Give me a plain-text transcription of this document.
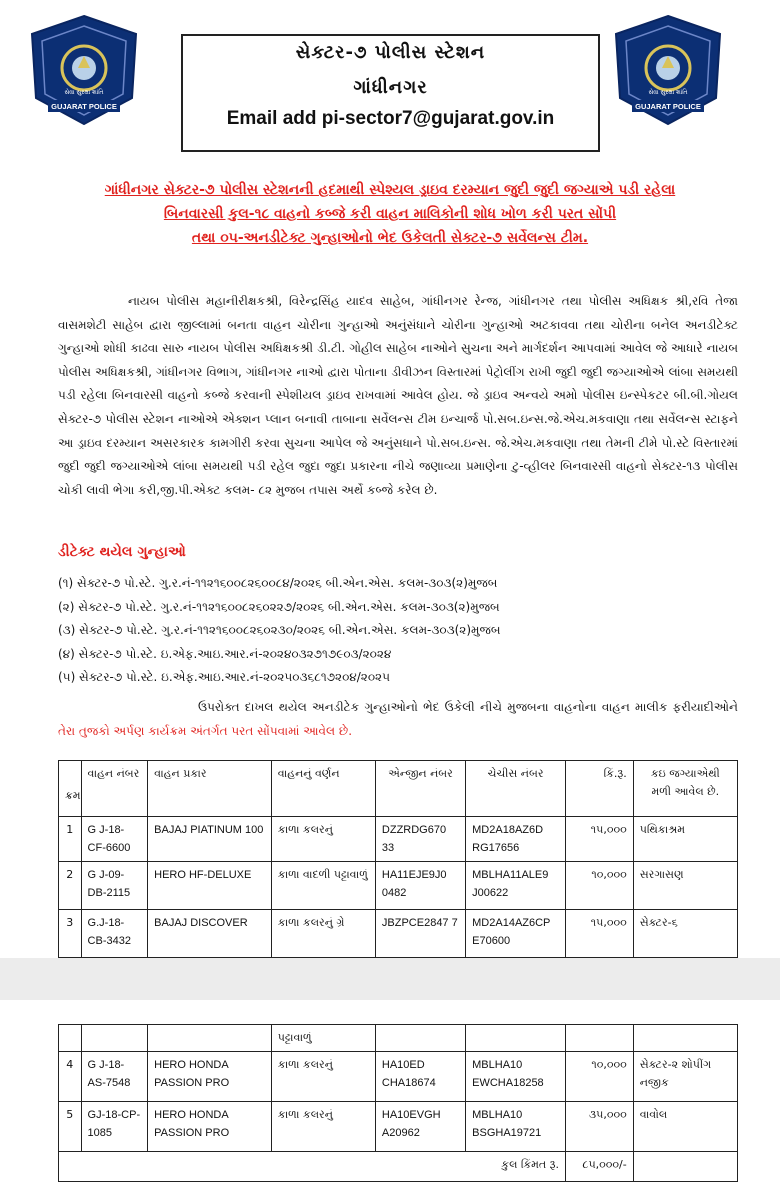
GUJARAT POLICE
સેવા સુરક્ષા શાંતિ
GUJARAT POLICE
સેવા સુરક્ષા શાંતિ
સેક્ટર-૭ પોલીસ સ્ટેશન
ગાંધીનગર
Email add pi-sector7@gujarat.gov.in
ગાંધીનગર સેક્ટર-૭ પોલીસ સ્ટેશનની હદમાથી સ્પેશ્યલ ડ્રાઇવ દરમ્યાન જુદી જુદી જગ્યાએ પડી રહેલા
બિનવારસી કુલ-૧૮ વાહનો કબ્જે કરી વાહન માલિકોની શોધ ખોળ કરી પરત સોંપી
તથા ૦૫-અનડીટેક્ટ ગુન્હાઓનો ભેદ ઉકેલતી સેક્ટર-૭ સર્વેલન્સ ટીમ.
નાયબ પોલીસ મહાનીરીક્ષકશ્રી, વિરેન્દ્રસિંહ યાદવ સાહેબ, ગાંધીનગર રેન્જ, ગાંધીનગર તથા પોલીસ અધિક્ષક શ્રી,રવિ તેજા વાસમશેટી સાહેબ દ્વારા જીલ્લામાં બનતા વાહન ચોરીના ગુન્હાઓ અનુંસંધાને ચોરીના ગુન્હાઓ અટકાવવા તથા ચોરીના બનેલ અનડીટેક્ટ ગુન્હાઓ શોધી કાઢવા સારુ નાયબ પોલીસ અધિક્ષકશ્રી ડી.ટી. ગોહીલ સાહેબ નાઓને સુચના અને માર્ગદર્શન આપવામાં આવેલ જે આધારે નાયબ પોલીસ અધિક્ષકશ્રી, ગાંધીનગર વિભાગ, ગાંધીનગર નાઓ દ્વારા પોતાના ડીવીઝન વિસ્તારમાં પેટ્રોલીંગ રાખી જુદી જુદી જગ્યાઓએ લાંબા સમયથી પડી રહેલા બિનવારસી વાહનો કબ્જે કરવાની સ્પેશીયલ ડ્રાઇવ રાખવામાં આવેલ હોય. જે ડ્રાઇવ અન્વયે અમો પોલીસ ઇન્સ્પેકટર બી.બી.ગોયલ સેક્ટર-૭ પોલીસ સ્ટેશન નાઓએ એક્શન પ્લાન બનાવી તાબાના સર્વેલન્સ ટીમ ઇન્ચાર્જ પો.સબ.ઇન્સ.જે.એચ.મકવાણા તથા સર્વેલન્સ સ્ટાફને આ ડ્રાઇવ દરમ્યાન અસરકારક કામગીરી કરવા સુચના આપેલ જે અનુંસધાને પો.સબ.ઇન્સ. જે.એચ.મકવાણા તથા તેમની ટીમે પો.સ્ટે વિસ્તારમાં જુદી જુદી જગ્યાઓએ લાંબા સમયથી પડી રહેલ જુદા જુદા પ્રકારના નીચે જણાવ્યા પ્રમાણેના ટુ-વ્હીલર બિનવારસી વાહનો સેક્ટર-૧૩ પોલીસ ચોકી લાવી ભેગા કરી,જી.પી.એક્ટ કલમ- ૮૨ મુજબ તપાસ અર્થે કબ્જે કરેલ છે.
ડીટેક્ટ થયેલ ગુન્હાઓ
(૧) સેક્ટર-૭ પો.સ્ટે. ગુ.ર.નં-૧૧૨૧૬૦૦૮૨૬૦૦૮૪/૨૦૨૬ બી.એન.એસ. કલમ-૩૦૩(૨)મુજબ
(૨) સેક્ટર-૭ પો.સ્ટે. ગુ.ર.નં-૧૧૨૧૬૦૦૮૨૬૦૨૨૭/૨૦૨૬ બી.એન.એસ. કલમ-૩૦૩(૨)મુજબ
(૩) સેક્ટર-૭ પો.સ્ટે. ગુ.ર.નં-૧૧૨૧૬૦૦૮૨૬૦૨૩૦/૨૦૨૬ બી.એન.એસ. કલમ-૩૦૩(૨)મુજબ
(૪) સેક્ટર-૭ પો.સ્ટે. ઇ.એફ.આઇ.આર.નં-૨૦૨૪૦૩૨૭૧૭૯૦૩/૨૦૨૪
(૫) સેક્ટર-૭ પો.સ્ટે. ઇ.એફ.આઇ.આર.નં-૨૦૨૫૦૩૬૮૧૭૨૦૪/૨૦૨૫
ઉપરોક્ત દાખલ થયેલ અનડીટેક ગુન્હાઓનો ભેદ ઉકેલી નીચે મુજબના વાહનોના વાહન માલીક ફરીયાદીઓને તેરા તુજકો અર્પણ કાર્યક્રમ અંતર્ગત પરત સોંપવામાં આવેલ છે.
ક્રમ	વાહન નંબર	વાહન પ્રકાર	વાહનનું વર્ણન	એન્જીન નંબર	ચેચીસ નંબર	કિં.રૂ.	કઇ જગ્યાએથી મળી આવેલ છે.
1	G J-18-CF-6600	BAJAJ PIATINUM 100	કાળા કલરનું	DZZRDG670 33	MD2A18AZ6D RG17656	૧૫,૦૦૦	પથિકાશ્રમ
2	G J-09-DB-2115	HERO HF-DELUXE	કાળા વાદળી પટ્ટાવાળું	HA11EJE9J0 0482	MBLHA11ALE9 J00622	૧૦,૦૦૦	સરગાસણ
3	G.J-18-CB-3432	BAJAJ DISCOVER	કાળા કલરનું ગ્રે	JBZPCE2847 7	MD2A14AZ6CP E70600	૧૫,૦૦૦	સેક્ટર-૬
			પટ્ટાવાળું				
4	G J-18-AS-7548	HERO HONDA PASSION PRO	કાળા કલરનું	HA10ED CHA18674	MBLHA10 EWCHA18258	૧૦,૦૦૦	સેક્ટર-૨ શોપીંગ નજીક
5	GJ-18-CP-1085	HERO HONDA PASSION PRO	કાળા કલરનું	HA10EVGH A20962	MBLHA10 BSGHA19721	૩૫,૦૦૦	વાવોલ
કુલ કિંમત રૂ.						૮૫,૦૦૦/-	
